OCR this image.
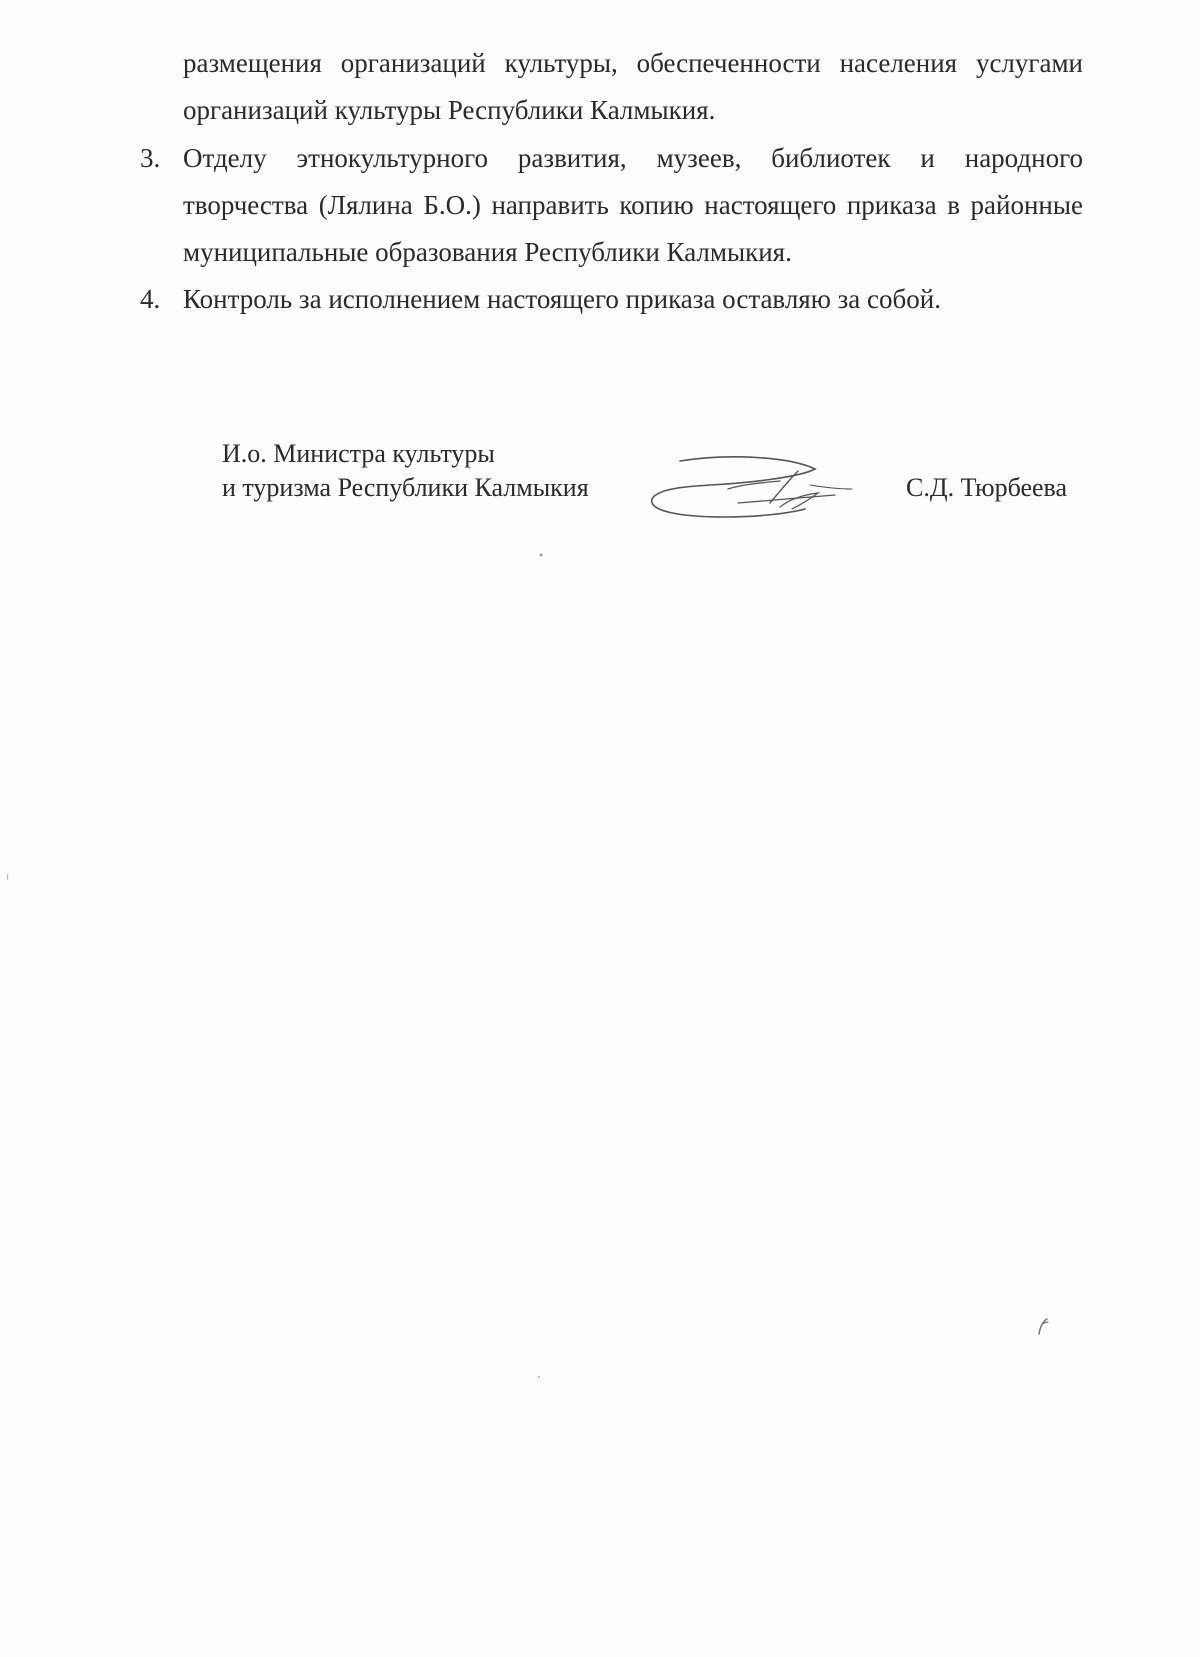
размещения организаций культуры, обеспеченности населения услугами
организаций культуры Республики Калмыкия.
3. Отделу этнокультурного развития, музеев, библиотек и народного
творчества (Лялина Б.О.) направить копию настоящего приказа в районные
муниципальные образования Республики Калмыкия.
4. Контроль за исполнением настоящего приказа оставляю за собой.
И.о. Министра культуры
и туризма Республики Калмыкия	С.Д. Тюрбеева
